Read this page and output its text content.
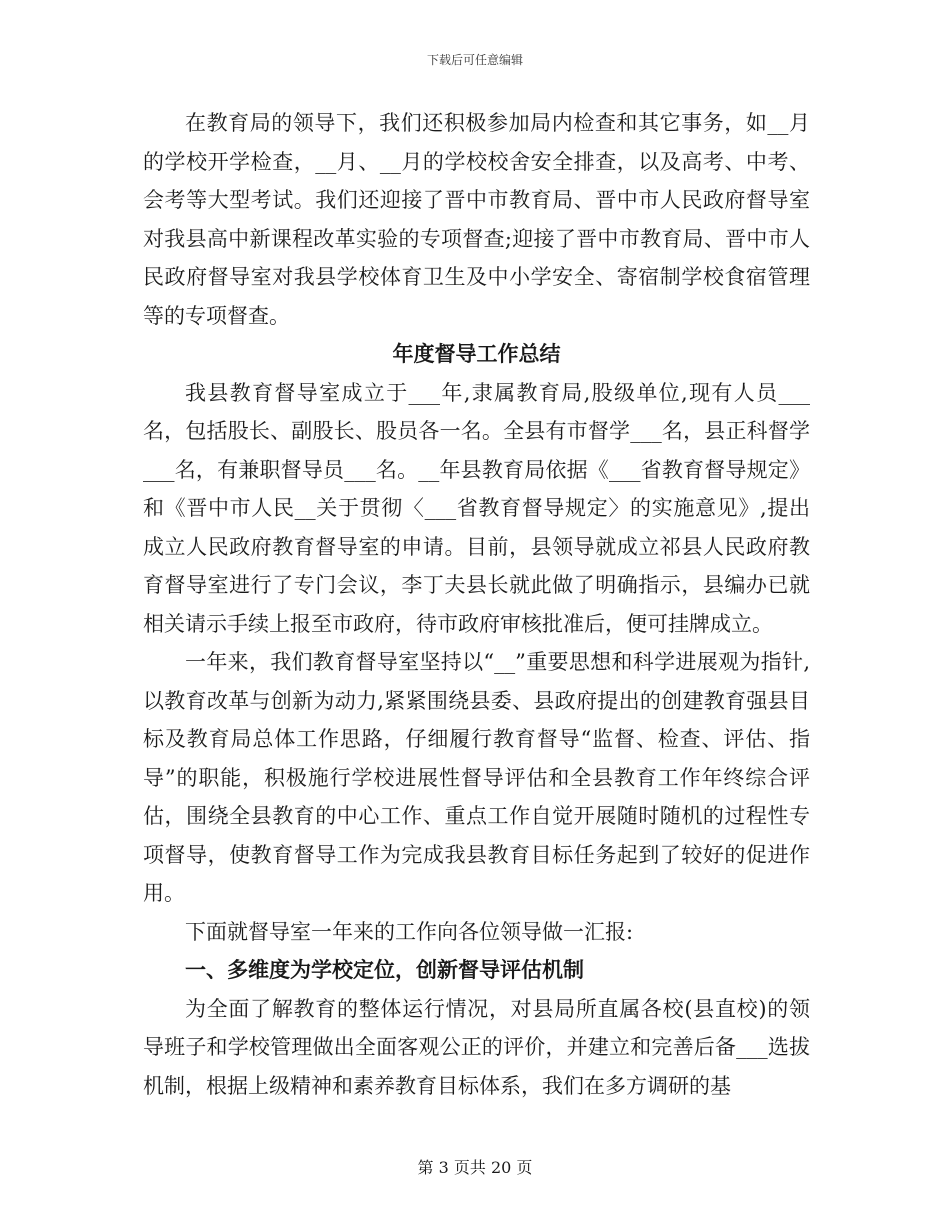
下载后可任意编辑

在教育局的领导下，我们还积极参加局内检查和其它事务，如__月的学校开学检查，__月、__月的学校校舍安全排查，以及高考、中考、会考等大型考试。我们还迎接了晋中市教育局、晋中市人民政府督导室对我县高中新课程改革实验的专项督查;迎接了晋中市教育局、晋中市人民政府督导室对我县学校体育卫生及中小学安全、寄宿制学校食宿管理等的专项督查。

年度督导工作总结

我县教育督导室成立于___年,隶属教育局,股级单位,现有人员___名，包括股长、副股长、股员各一名。全县有市督学___名，县正科督学___名，有兼职督导员___名。__年县教育局依据《___省教育督导规定》和《晋中市人民__关于贯彻〈___省教育督导规定〉的实施意见》,提出成立人民政府教育督导室的申请。目前，县领导就成立祁县人民政府教育督导室进行了专门会议，李丁夫县长就此做了明确指示，县编办已就相关请示手续上报至市政府，待市政府审核批准后，便可挂牌成立。

一年来，我们教育督导室坚持以“__”重要思想和科学进展观为指针,以教育改革与创新为动力,紧紧围绕县委、县政府提出的创建教育强县目标及教育局总体工作思路，仔细履行教育督导“监督、检查、评估、指导”的职能，积极施行学校进展性督导评估和全县教育工作年终综合评估，围绕全县教育的中心工作、重点工作自觉开展随时随机的过程性专项督导，使教育督导工作为完成我县教育目标任务起到了较好的促进作用。

下面就督导室一年来的工作向各位领导做一汇报:

一、多维度为学校定位，创新督导评估机制

为全面了解教育的整体运行情况，对县局所直属各校(县直校)的领导班子和学校管理做出全面客观公正的评价，并建立和完善后备___选拔机制，根据上级精神和素养教育目标体系，我们在多方调研的基

第 3 页共 20 页
